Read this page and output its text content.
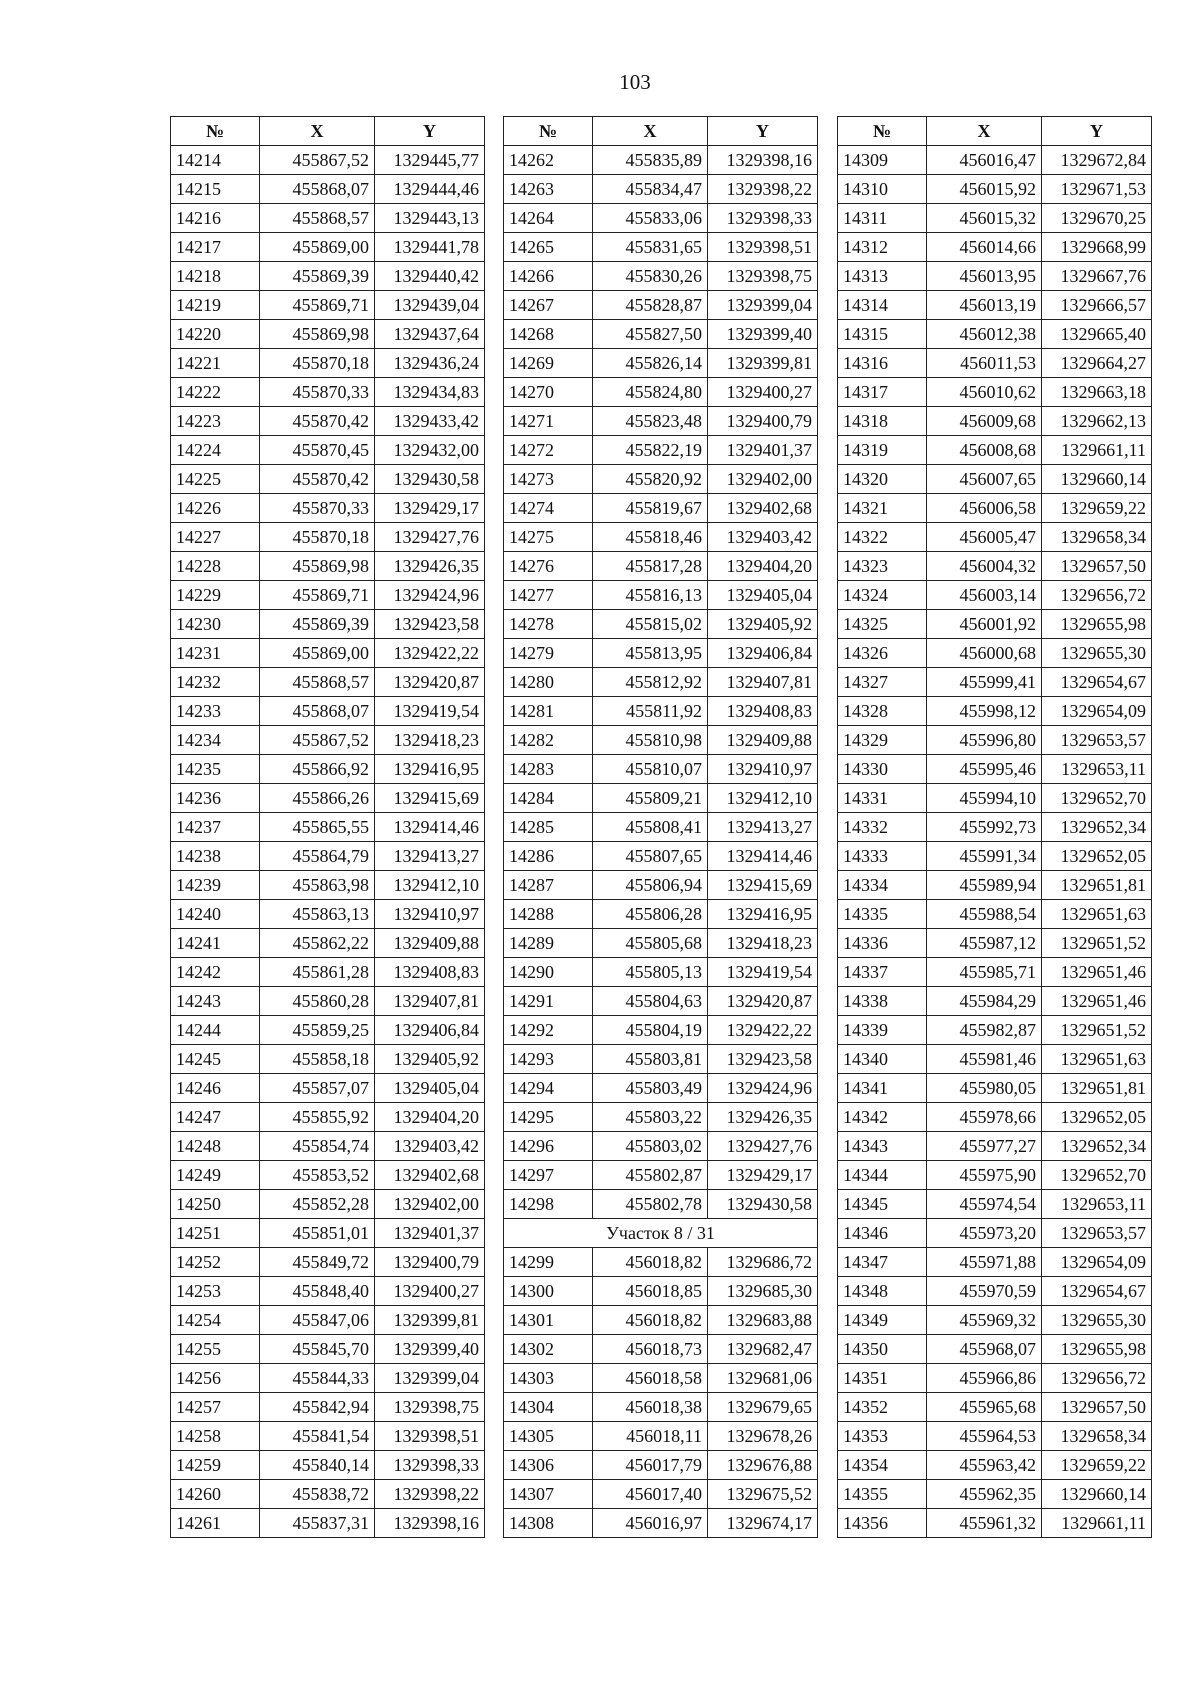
103
№	X	Y
14214	455867,52	1329445,77
14215	455868,07	1329444,46
14216	455868,57	1329443,13
14217	455869,00	1329441,78
14218	455869,39	1329440,42
14219	455869,71	1329439,04
14220	455869,98	1329437,64
14221	455870,18	1329436,24
14222	455870,33	1329434,83
14223	455870,42	1329433,42
14224	455870,45	1329432,00
14225	455870,42	1329430,58
14226	455870,33	1329429,17
14227	455870,18	1329427,76
14228	455869,98	1329426,35
14229	455869,71	1329424,96
14230	455869,39	1329423,58
14231	455869,00	1329422,22
14232	455868,57	1329420,87
14233	455868,07	1329419,54
14234	455867,52	1329418,23
14235	455866,92	1329416,95
14236	455866,26	1329415,69
14237	455865,55	1329414,46
14238	455864,79	1329413,27
14239	455863,98	1329412,10
14240	455863,13	1329410,97
14241	455862,22	1329409,88
14242	455861,28	1329408,83
14243	455860,28	1329407,81
14244	455859,25	1329406,84
14245	455858,18	1329405,92
14246	455857,07	1329405,04
14247	455855,92	1329404,20
14248	455854,74	1329403,42
14249	455853,52	1329402,68
14250	455852,28	1329402,00
14251	455851,01	1329401,37
14252	455849,72	1329400,79
14253	455848,40	1329400,27
14254	455847,06	1329399,81
14255	455845,70	1329399,40
14256	455844,33	1329399,04
14257	455842,94	1329398,75
14258	455841,54	1329398,51
14259	455840,14	1329398,33
14260	455838,72	1329398,22
14261	455837,31	1329398,16
№	X	Y
14262	455835,89	1329398,16
14263	455834,47	1329398,22
14264	455833,06	1329398,33
14265	455831,65	1329398,51
14266	455830,26	1329398,75
14267	455828,87	1329399,04
14268	455827,50	1329399,40
14269	455826,14	1329399,81
14270	455824,80	1329400,27
14271	455823,48	1329400,79
14272	455822,19	1329401,37
14273	455820,92	1329402,00
14274	455819,67	1329402,68
14275	455818,46	1329403,42
14276	455817,28	1329404,20
14277	455816,13	1329405,04
14278	455815,02	1329405,92
14279	455813,95	1329406,84
14280	455812,92	1329407,81
14281	455811,92	1329408,83
14282	455810,98	1329409,88
14283	455810,07	1329410,97
14284	455809,21	1329412,10
14285	455808,41	1329413,27
14286	455807,65	1329414,46
14287	455806,94	1329415,69
14288	455806,28	1329416,95
14289	455805,68	1329418,23
14290	455805,13	1329419,54
14291	455804,63	1329420,87
14292	455804,19	1329422,22
14293	455803,81	1329423,58
14294	455803,49	1329424,96
14295	455803,22	1329426,35
14296	455803,02	1329427,76
14297	455802,87	1329429,17
14298	455802,78	1329430,58
Участок 8 / 31		
14299	456018,82	1329686,72
14300	456018,85	1329685,30
14301	456018,82	1329683,88
14302	456018,73	1329682,47
14303	456018,58	1329681,06
14304	456018,38	1329679,65
14305	456018,11	1329678,26
14306	456017,79	1329676,88
14307	456017,40	1329675,52
14308	456016,97	1329674,17
№	X	Y
14309	456016,47	1329672,84
14310	456015,92	1329671,53
14311	456015,32	1329670,25
14312	456014,66	1329668,99
14313	456013,95	1329667,76
14314	456013,19	1329666,57
14315	456012,38	1329665,40
14316	456011,53	1329664,27
14317	456010,62	1329663,18
14318	456009,68	1329662,13
14319	456008,68	1329661,11
14320	456007,65	1329660,14
14321	456006,58	1329659,22
14322	456005,47	1329658,34
14323	456004,32	1329657,50
14324	456003,14	1329656,72
14325	456001,92	1329655,98
14326	456000,68	1329655,30
14327	455999,41	1329654,67
14328	455998,12	1329654,09
14329	455996,80	1329653,57
14330	455995,46	1329653,11
14331	455994,10	1329652,70
14332	455992,73	1329652,34
14333	455991,34	1329652,05
14334	455989,94	1329651,81
14335	455988,54	1329651,63
14336	455987,12	1329651,52
14337	455985,71	1329651,46
14338	455984,29	1329651,46
14339	455982,87	1329651,52
14340	455981,46	1329651,63
14341	455980,05	1329651,81
14342	455978,66	1329652,05
14343	455977,27	1329652,34
14344	455975,90	1329652,70
14345	455974,54	1329653,11
14346	455973,20	1329653,57
14347	455971,88	1329654,09
14348	455970,59	1329654,67
14349	455969,32	1329655,30
14350	455968,07	1329655,98
14351	455966,86	1329656,72
14352	455965,68	1329657,50
14353	455964,53	1329658,34
14354	455963,42	1329659,22
14355	455962,35	1329660,14
14356	455961,32	1329661,11
